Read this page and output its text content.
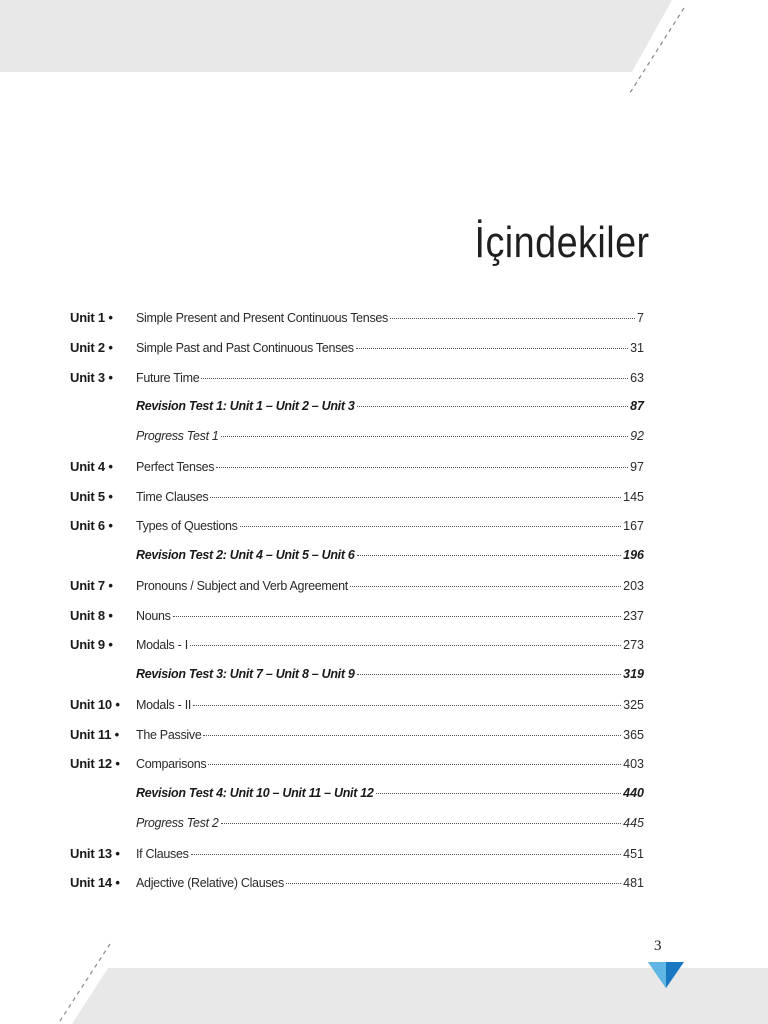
İçindekiler
Unit 1 •	Simple Present and Present Continuous Tenses	7
Unit 2 •	Simple Past and Past Continuous Tenses	31
Unit 3 •	Future Time	63
Revision Test 1: Unit 1 – Unit 2 – Unit 3	87
Progress Test 1	92
Unit 4 •	Perfect Tenses	97
Unit 5 •	Time Clauses	145
Unit 6 •	Types of Questions	167
Revision Test 2: Unit 4 – Unit 5 – Unit 6	196
Unit 7 •	Pronouns / Subject and Verb Agreement	203
Unit 8 •	Nouns	237
Unit 9 •	Modals - I	273
Revision Test 3: Unit 7 – Unit 8 – Unit 9	319
Unit 10 •	Modals - II	325
Unit 11 •	The Passive	365
Unit 12 •	Comparisons	403
Revision Test 4: Unit 10 – Unit 11 – Unit 12	440
Progress Test 2	445
Unit 13 •	If Clauses	451
Unit 14 •	Adjective (Relative) Clauses	481
3
